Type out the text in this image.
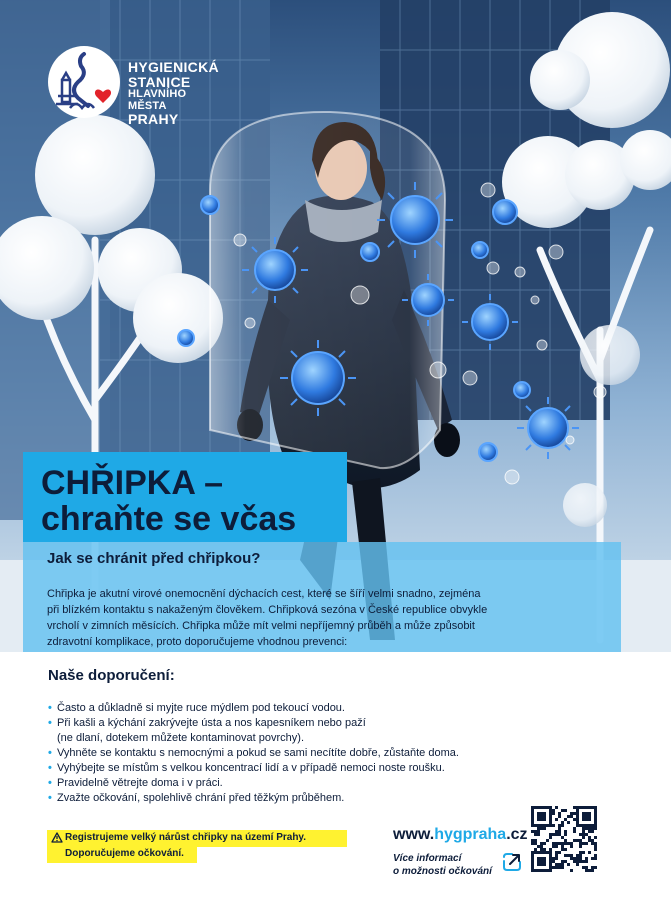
HYGIENICKÁ
STANICE
HLAVNÍHO MĚSTA
PRAHY
CHŘIPKA –
chraňte se včas
Jak se chránit před chřipkou?
Chřipka je akutní virové onemocnění dýchacích cest, které se šíří velmi snadno, zejména
při blízkém kontaktu s nakaženým člověkem. Chřipková sezóna v České republice obvykle
vrcholí v zimních měsících. Chřipka může mít velmi nepříjemný průběh a může způsobit
zdravotní komplikace, proto doporučujeme vhodnou prevenci:
Naše doporučení:
• Často a důkladně si myjte ruce mýdlem pod tekoucí vodou.
• Při kašli a kýchání zakrývejte ústa a nos kapesníkem nebo paží
(ne dlaní, dotekem můžete kontaminovat povrchy).
• Vyhněte se kontaktu s nemocnými a pokud se sami necítíte dobře, zůstaňte doma.
• Vyhýbejte se místům s velkou koncentrací lidí a v případě nemoci noste roušku.
• Pravidelně větrejte doma i v práci.
• Zvažte očkování, spolehlivě chrání před těžkým průběhem.
Registrujeme velký nárůst chřipky na území Prahy.
Doporučujeme očkování.
www.hygpraha.cz
Více informací
o možnosti očkování
